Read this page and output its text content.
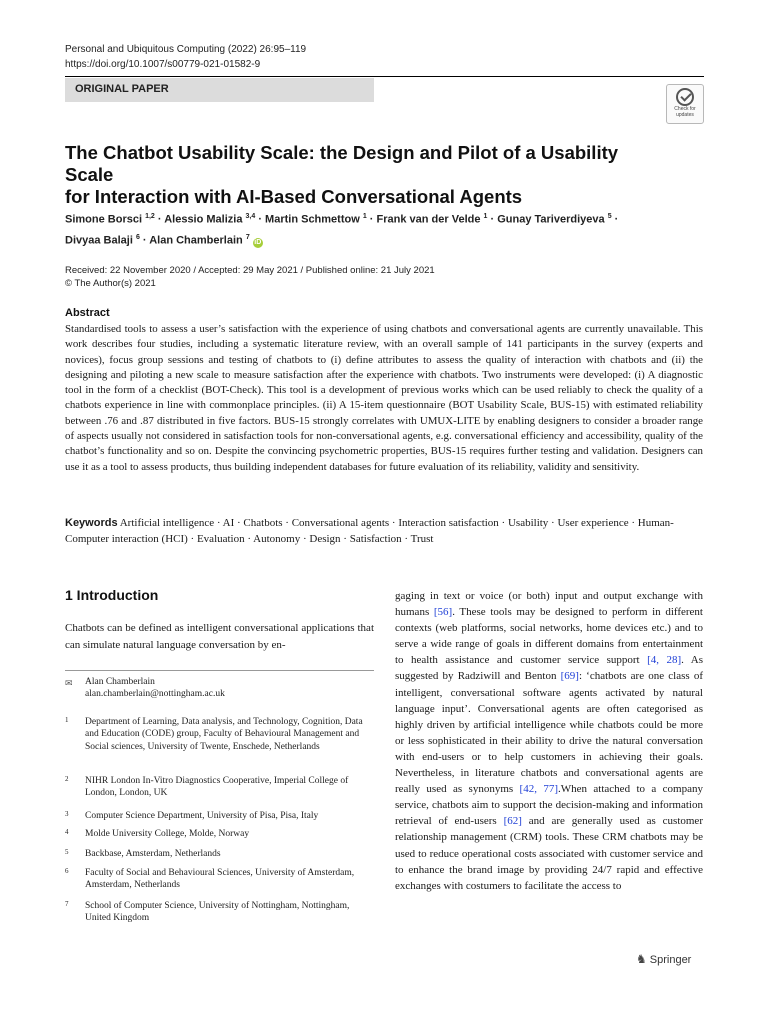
Personal and Ubiquitous Computing (2022) 26:95–119
https://doi.org/10.1007/s00779-021-01582-9
ORIGINAL PAPER
Check for
updates
The Chatbot Usability Scale: the Design and Pilot of a Usability Scale
for Interaction with AI-Based Conversational Agents
Simone Borsci $^{1,2}$ · Alessio Malizia $^{3,4}$ · Martin Schmettow $^1$ · Frank van der Velde $^1$ · Gunay Tariverdiyeva $^5$ ·
Divyaa Balaji $^6$ · Alan Chamberlain $^7$ iD
Received: 22 November 2020 / Accepted: 29 May 2021 / Published online: 21 July 2021
© The Author(s) 2021
Abstract
Standardised tools to assess a user’s satisfaction with the experience of using chatbots and conversational agents are currently unavailable. This work describes four studies, including a systematic literature review, with an overall sample of 141 participants in the survey (experts and novices), focus group sessions and testing of chatbots to (i) define attributes to assess the quality of interaction with chatbots and (ii) the designing and piloting a new scale to measure satisfaction after the experience with chatbots. Two instruments were developed: (i) A diagnostic tool in the form of a checklist (BOT-Check). This tool is a development of previous works which can be used reliably to check the quality of a chatbots experience in line with commonplace principles. (ii) A 15-item questionnaire (BOT Usability Scale, BUS-15) with estimated reliability between .76 and .87 distributed in five factors. BUS-15 strongly correlates with UMUX-LITE by enabling designers to consider a broader range of aspects usually not considered in satisfaction tools for non-conversational agents, e.g. conversational efficiency and accessibility, quality of the chatbot’s functionality and so on. Despite the convincing psychometric properties, BUS-15 requires further testing and validation. Designers can use it as a tool to assess products, thus building independent databases for future evaluation of its reliability, validity and sensitivity.
Keywords Artificial intelligence · AI · Chatbots · Conversational agents · Interaction satisfaction · Usability · User experience · Human-Computer interaction (HCI) · Evaluation · Autonomy · Design · Satisfaction · Trust
1 Introduction
Chatbots can be defined as intelligent conversational applications that can simulate natural language conversation by en-
✉ Alan Chamberlain
alan.chamberlain@nottingham.ac.uk
1 Department of Learning, Data analysis, and Technology, Cognition, Data and Education (CODE) group, Faculty of Behavioural Management and Social sciences, University of Twente, Enschede, Netherlands
2 NIHR London In-Vitro Diagnostics Cooperative, Imperial College of London, London, UK
3 Computer Science Department, University of Pisa, Pisa, Italy
4 Molde University College, Molde, Norway
5 Backbase, Amsterdam, Netherlands
6 Faculty of Social and Behavioural Sciences, University of Amsterdam, Amsterdam, Netherlands
7 School of Computer Science, University of Nottingham, Nottingham, United Kingdom
gaging in text or voice (or both) input and output exchange with humans [56]. These tools may be designed to perform in different contexts (web platforms, social networks, home devices etc.) and to serve a wide range of goals in different domains from entertainment to health assistance and customer service support [4, 28]. As suggested by Radziwill and Benton [69]: ‘chatbots are one class of intelligent, conversational software agents activated by natural language input’. Conversational agents are often categorised as highly driven by artificial intelligence while chatbots could be more or less sophisticated in their ability to drive the natural conversation with end-users or to help customers in achieving their goals. Nevertheless, in literature chatbots and conversational agents are really used as synonyms [42, 77].When attached to a company service, chatbots aim to support the decision-making and information retrieval of end-users [62] and are generally used as customer relationship management (CRM) tools. These CRM chatbots may be used to reduce operational costs associated with customer service and to enhance the brand image by providing 24/7 rapid and effective exchanges with costumers to facilitate the access to
♞ Springer
